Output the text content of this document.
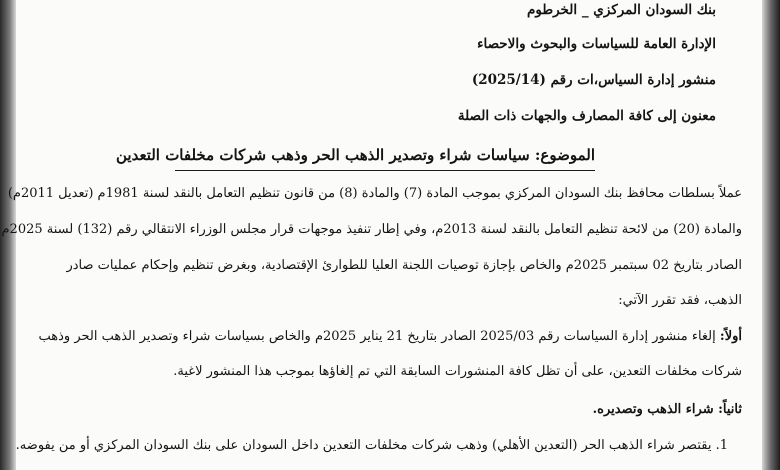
بنك السودان المركزي _ الخرطوم
الإدارة العامة للسياسات والبحوث والاحصاء
منشور إدارة السياس،ات رقم (2025/14)
معنون إلى كافة المصارف والجهات ذات الصلة
الموضوع: سياسات شراء وتصدير الذهب الحر وذهب شركات مخلفات التعدين
عملاً بسلطات محافظ بنك السودان المركزي بموجب المادة (7) والمادة (8) من قانون تنظيم التعامل بالنقد لسنة 1981م (تعديل 2011م)
والمادة (20) من لائحة تنظيم التعامل بالنقد لسنة 2013م، وفي إطار تنفيذ موجهات قرار مجلس الوزراء الانتقالي رقم (132) لسنة 2025م
الصادر بتاريخ 02 سبتمبر 2025م والخاص بإجازة توصيات اللجنة العليا للطوارئ الإقتصادية، وبغرض تنظيم وإحكام عمليات صادر
الذهب، فقد تقرر الآتي:
أولاً: إلغاء منشور إدارة السياسات رقم 2025/03 الصادر بتاريخ 21 يناير 2025م والخاص بسياسات شراء وتصدير الذهب الحر وذهب
شركات مخلفات التعدين، على أن تظل كافة المنشورات السابقة التي تم إلغاؤها بموجب هذا المنشور لاغية.
ثانياً: شراء الذهب وتصديره.
1. يقتصر شراء الذهب الحر (التعدين الأهلي) وذهب شركات مخلفات التعدين داخل السودان على بنك السودان المركزي أو من يفوضه.
